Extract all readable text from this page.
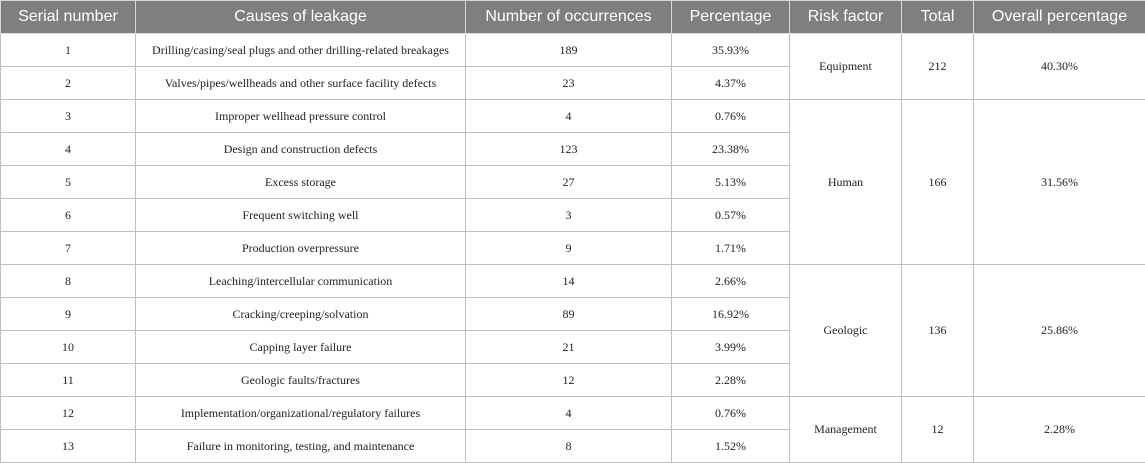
Serial number	Causes of leakage	Number of occurrences	Percentage	Risk factor	Total	Overall percentage
1	Drilling/casing/seal plugs and other drilling-related breakages	189	35.93%	Equipment	212	40.30%
2	Valves/pipes/wellheads and other surface facility defects	23	4.37%			
3	Improper wellhead pressure control	4	0.76%	Human	166	31.56%
4	Design and construction defects	123	23.38%			
5	Excess storage	27	5.13%			
6	Frequent switching well	3	0.57%			
7	Production overpressure	9	1.71%			
8	Leaching/intercellular communication	14	2.66%	Geologic	136	25.86%
9	Cracking/creeping/solvation	89	16.92%			
10	Capping layer failure	21	3.99%			
11	Geologic faults/fractures	12	2.28%			
12	Implementation/organizational/regulatory failures	4	0.76%	Management	12	2.28%
13	Failure in monitoring, testing, and maintenance	8	1.52%			
